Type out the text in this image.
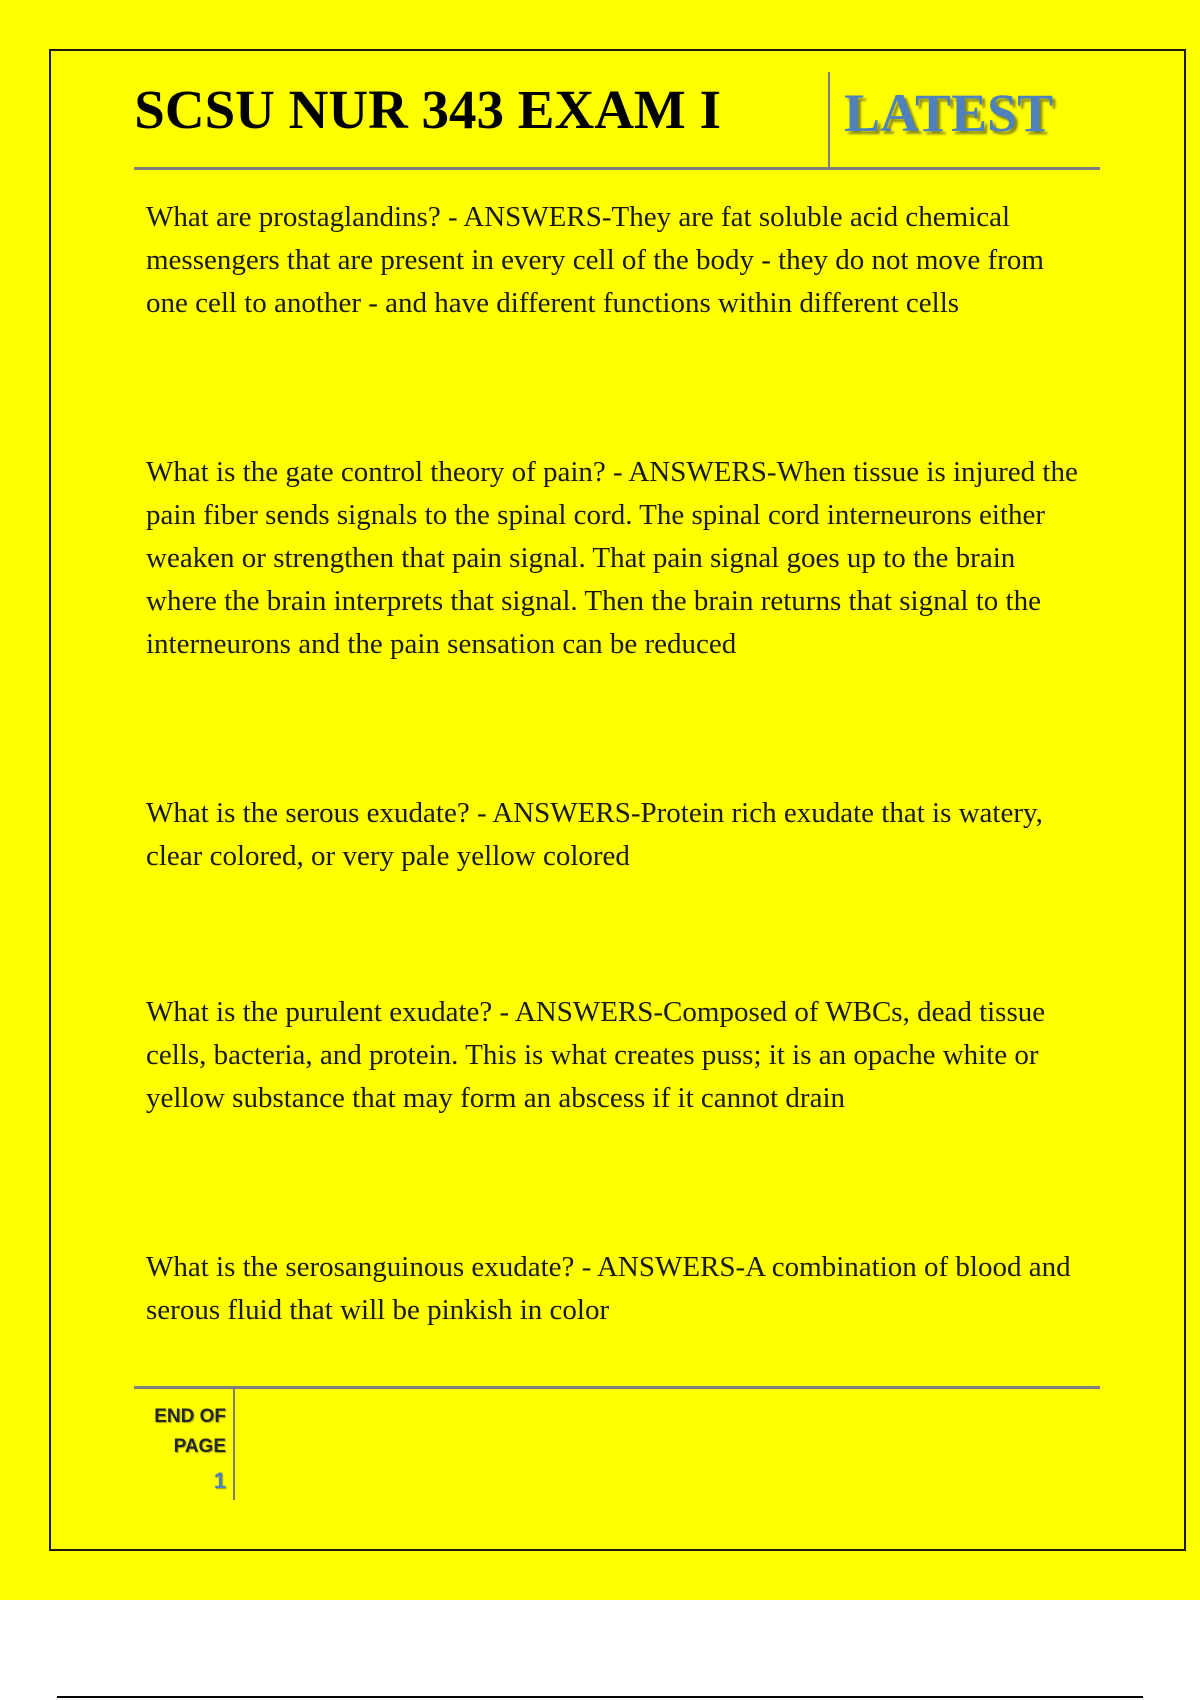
SCSU NUR 343 EXAM I LATEST

What are prostaglandins? - ANSWERS-They are fat soluble acid chemical messengers that are present in every cell of the body - they do not move from one cell to another - and have different functions within different cells

What is the gate control theory of pain? - ANSWERS-When tissue is injured the pain fiber sends signals to the spinal cord. The spinal cord interneurons either weaken or strengthen that pain signal. That pain signal goes up to the brain where the brain interprets that signal. Then the brain returns that signal to the interneurons and the pain sensation can be reduced

What is the serous exudate? - ANSWERS-Protein rich exudate that is watery, clear colored, or very pale yellow colored

What is the purulent exudate? - ANSWERS-Composed of WBCs, dead tissue cells, bacteria, and protein. This is what creates puss; it is an opache white or yellow substance that may form an abscess if it cannot drain

What is the serosanguinous exudate? - ANSWERS-A combination of blood and serous fluid that will be pinkish in color

END OF
PAGE
1
